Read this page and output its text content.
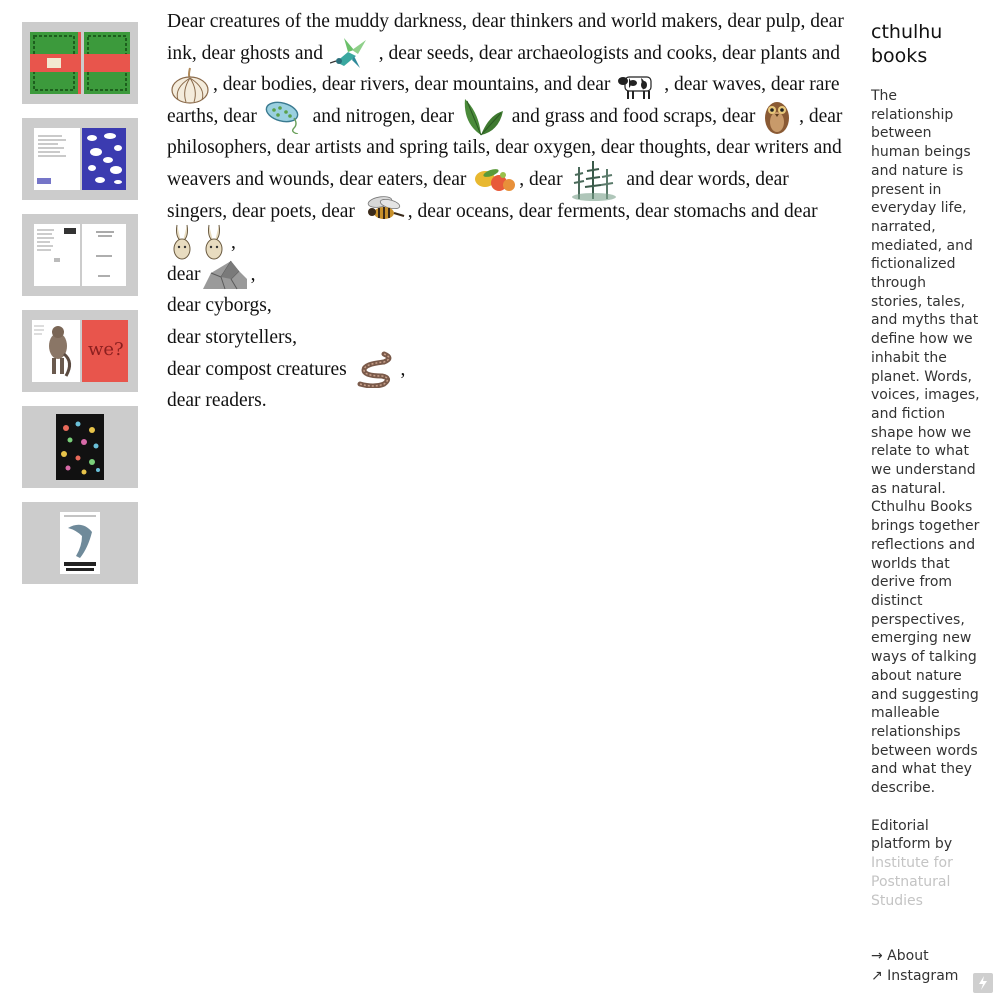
we?

Dear creatures of the muddy darkness, dear thinkers and world makers, dear pulp, dear ink, dear ghosts and
, dear seeds, dear archaeologists and cooks, dear plants and
, dear bodies, dear rivers, dear mountains, and dear
, dear waves, dear rare earths, dear
and nitrogen, dear
and grass and food scraps, dear
, dear philosophers, dear artists and spring tails, dear oxygen, dear thoughts, dear writers and weavers and wounds, dear eaters, dear
, dear	and dear words, dear singers, dear poets, dear
, dear oceans, dear ferments, dear stomachs and dear
,

dear	,

dear cyborgs,

dear storytellers,

dear compost creatures
,

dear readers.

cthulhu books

The relationship between human beings and nature is present in everyday life, narrated, mediated, and fictionalized through stories, tales, and myths that define how we inhabit the planet. Words, voices, images, and fiction shape how we relate to what we understand as natural. Cthulhu Books brings together reflections and worlds that derive from distinct perspectives, emerging new ways of talking about nature and suggesting malleable relationships between words and what they describe.

Editorial platform by
Institute for Postnatural Studies

→ About
↗ Instagram
